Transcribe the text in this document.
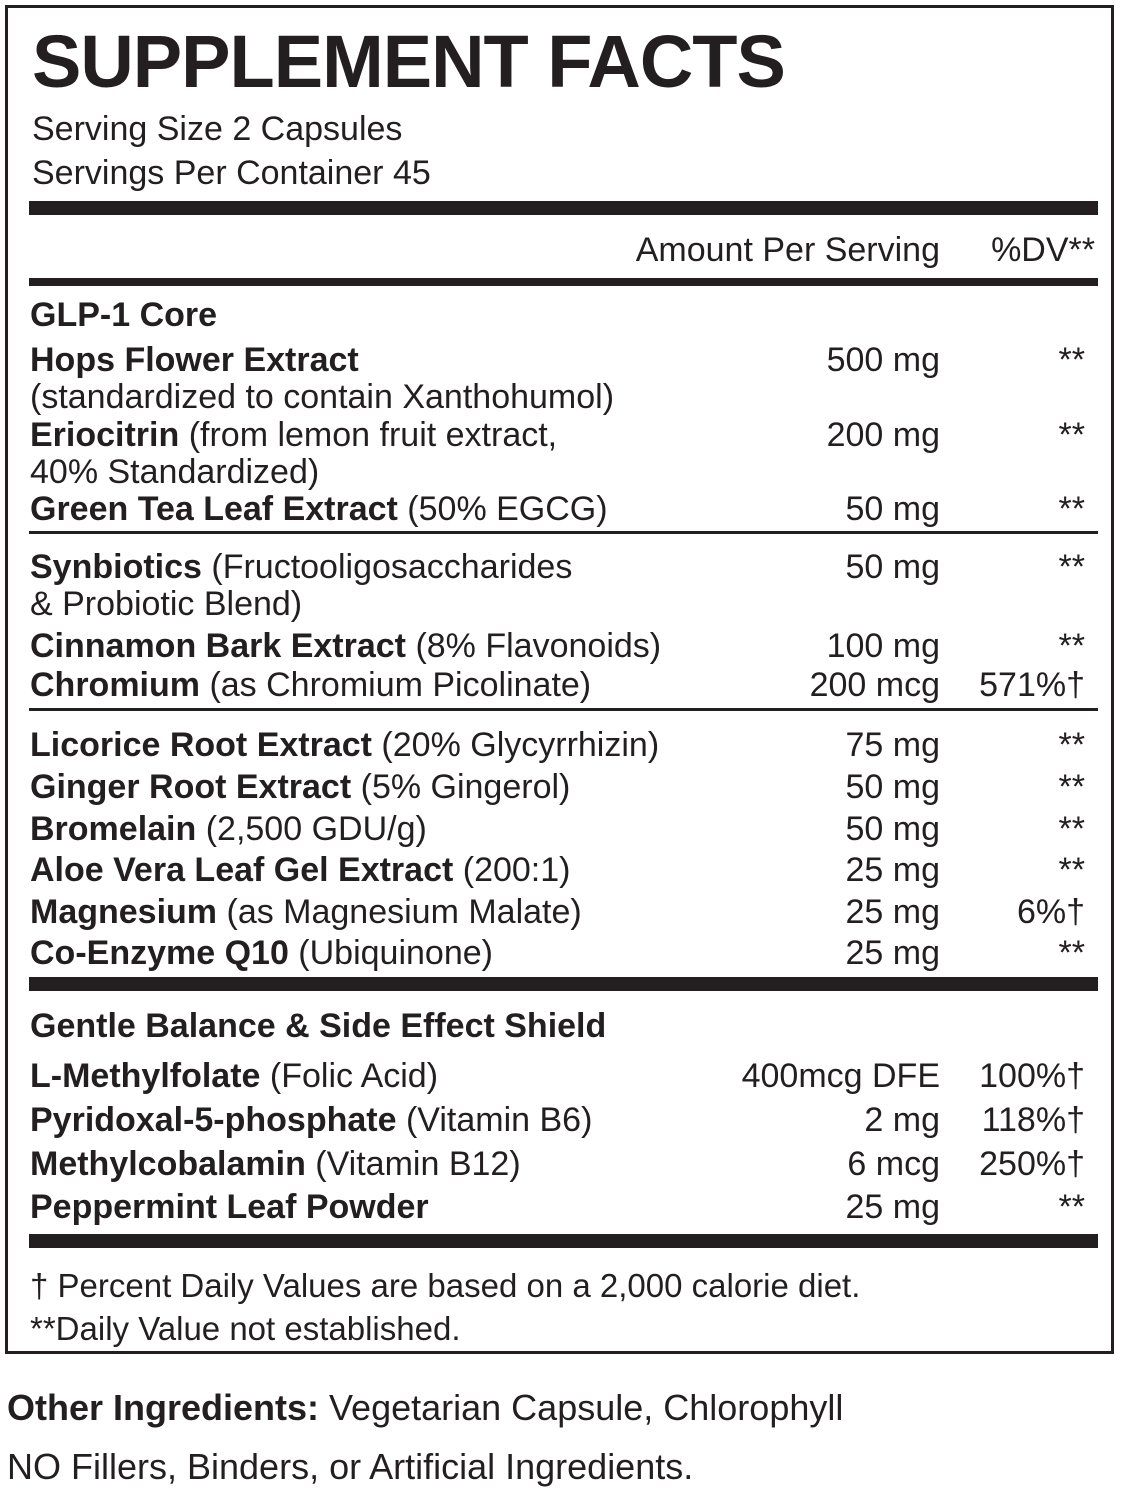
SUPPLEMENT FACTS
Serving Size 2 Capsules
Servings Per Container 45
Amount Per Serving %DV**
GLP-1 Core
Hops Flower Extract
(standardized to contain Xanthohumol)
500 mg	**
Eriocitrin (from lemon fruit extract,
40% Standardized)
200 mg	**
Green Tea Leaf Extract (50% EGCG)	50 mg	**
Synbiotics (Fructooligosaccharides
& Probiotic Blend)
50 mg	**
Cinnamon Bark Extract (8% Flavonoids)	100 mg	**
Chromium (as Chromium Picolinate)	200 mcg 571%†
Licorice Root Extract (20% Glycyrrhizin)	75 mg	**
Ginger Root Extract (5% Gingerol)	50 mg	**
Bromelain (2,500 GDU/g)	50 mg	**
Aloe Vera Leaf Gel Extract (200:1)	25 mg	**
Magnesium (as Magnesium Malate)	25 mg 6%†
Co-Enzyme Q10 (Ubiquinone)	25 mg	**
Gentle Balance & Side Effect Shield
L-Methylfolate (Folic Acid)	400mcg DFE 100%†
Pyridoxal-5-phosphate (Vitamin B6)	2 mg 118%†
Methylcobalamin (Vitamin B12)	6 mcg 250%†
Peppermint Leaf Powder	25 mg	**
† Percent Daily Values are based on a 2,000 calorie diet.
**Daily Value not established.
Other Ingredients: Vegetarian Capsule, Chlorophyll
NO Fillers, Binders, or Artificial Ingredients.
